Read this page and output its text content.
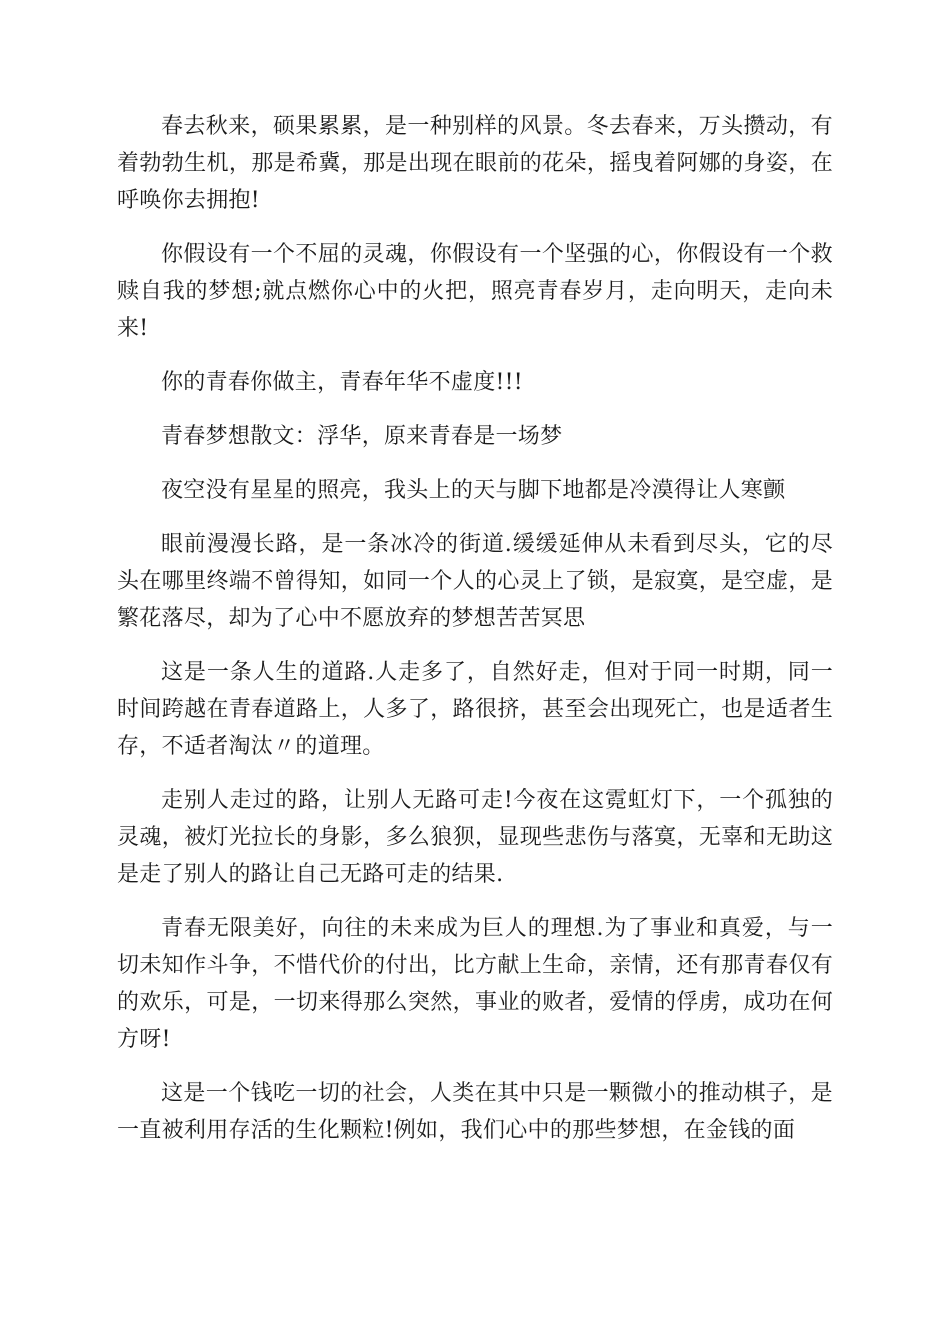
春去秋来，硕果累累，是一种别样的风景。冬去春来，万头攒动，有着勃勃生机，那是希冀，那是出现在眼前的花朵，摇曳着阿娜的身姿，在呼唤你去拥抱!

你假设有一个不屈的灵魂，你假设有一个坚强的心，你假设有一个救赎自我的梦想;就点燃你心中的火把，照亮青春岁月，走向明天，走向未来!

你的青春你做主，青春年华不虚度!!!

青春梦想散文：浮华，原来青春是一场梦

夜空没有星星的照亮，我头上的天与脚下地都是冷漠得让人寒颤

眼前漫漫长路，是一条冰冷的街道.缓缓延伸从未看到尽头，它的尽头在哪里终端不曾得知，如同一个人的心灵上了锁，是寂寞，是空虚，是繁花落尽，却为了心中不愿放弃的梦想苦苦冥思

这是一条人生的道路.人走多了，自然好走，但对于同一时期，同一时间跨越在青春道路上，人多了，路很挤，甚至会出现死亡，也是适者生存，不适者淘汰〃的道理。

走别人走过的路，让别人无路可走!今夜在这霓虹灯下，一个孤独的灵魂，被灯光拉长的身影，多么狼狈，显现些悲伤与落寞，无辜和无助这是走了别人的路让自己无路可走的结果.

青春无限美好，向往的未来成为巨人的理想.为了事业和真爱，与一切未知作斗争，不惜代价的付出，比方献上生命，亲情，还有那青春仅有的欢乐，可是，一切来得那么突然，事业的败者，爱情的俘虏，成功在何方呀!

这是一个钱吃一切的社会，人类在其中只是一颗微小的推动棋子，是一直被利用存活的生化颗粒!例如，我们心中的那些梦想，在金钱的面
